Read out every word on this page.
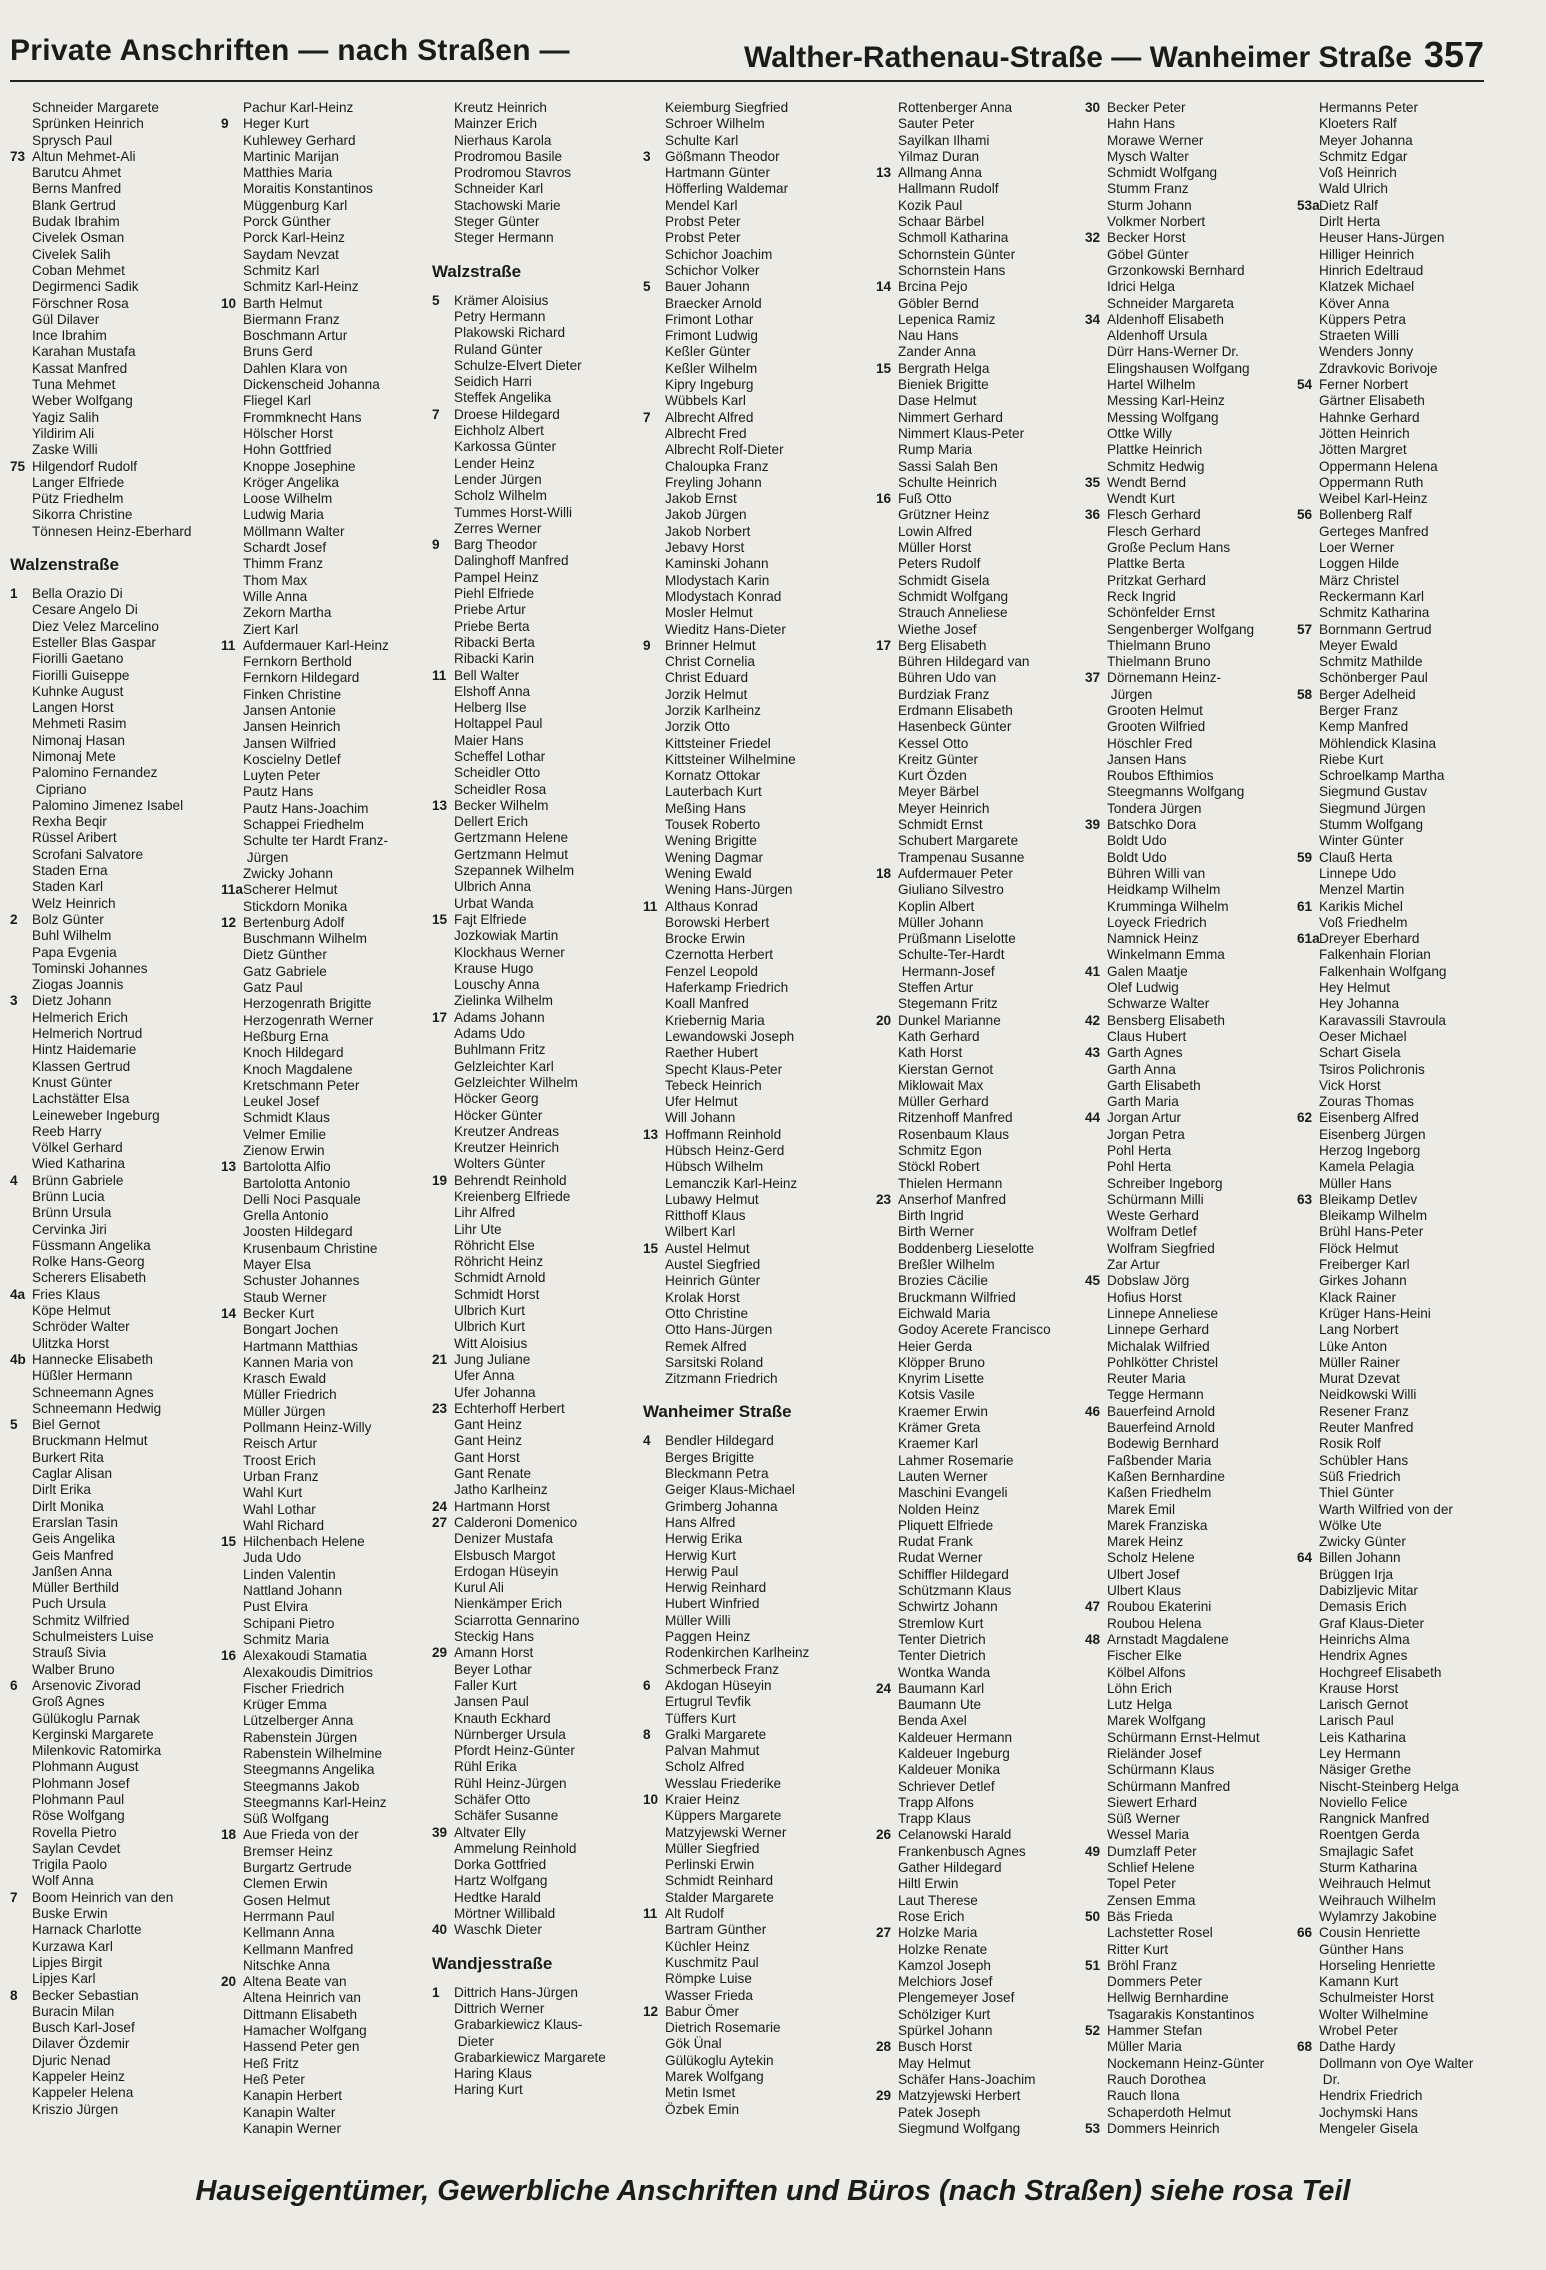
Private Anschriften — nach Straßen —	Walther-Rathenau-Straße — Wanheimer Straße 357
Schneider Margarete
Sprünken Heinrich
Sprysch Paul
73 Altun Mehmet-Ali
Barutcu Ahmet
Berns Manfred
Blank Gertrud
Budak Ibrahim
Civelek Osman
Civelek Salih
Coban Mehmet
Degirmenci Sadik
Förschner Rosa
Gül Dilaver
Ince Ibrahim
Karahan Mustafa
Kassat Manfred
Tuna Mehmet
Weber Wolfgang
Yagiz Salih
Yildirim Ali
Zaske Willi
75 Hilgendorf Rudolf
Langer Elfriede
Pütz Friedhelm
Sikorra Christine
Tönnesen Heinz-Eberhard
Walzenstraße
1 Bella Orazio Di
Cesare Angelo Di
Diez Velez Marcelino
Esteller Blas Gaspar
Fiorilli Gaetano
Fiorilli Guiseppe
Kuhnke August
Langen Horst
Mehmeti Rasim
Nimonaj Hasan
Nimonaj Mete
Palomino Fernandez
Cipriano
Palomino Jimenez Isabel
Rexha Beqir
Rüssel Aribert
Scrofani Salvatore
Staden Erna
Staden Karl
Welz Heinrich
2 Bolz Günter
Buhl Wilhelm
Papa Evgenia
Tominski Johannes
Ziogas Joannis
3 Dietz Johann
Helmerich Erich
Helmerich Nortrud
Hintz Haidemarie
Klassen Gertrud
Knust Günter
Lachstätter Elsa
Leineweber Ingeburg
Reeb Harry
Völkel Gerhard
Wied Katharina
4 Brünn Gabriele
Brünn Lucia
Brünn Ursula
Cervinka Jiri
Füssmann Angelika
Rolke Hans-Georg
Scherers Elisabeth
4a Fries Klaus
Köpe Helmut
Schröder Walter
Ulitzka Horst
4b Hannecke Elisabeth
Hüßler Hermann
Schneemann Agnes
Schneemann Hedwig
5 Biel Gernot
Bruckmann Helmut
Burkert Rita
Caglar Alisan
Dirlt Erika
Dirlt Monika
Erarslan Tasin
Geis Angelika
Geis Manfred
Janßen Anna
Müller Berthild
Puch Ursula
Schmitz Wilfried
Schulmeisters Luise
Strauß Sivia
Walber Bruno
6 Arsenovic Zivorad
Groß Agnes
Gülükoglu Parnak
Kerginski Margarete
Milenkovic Ratomirka
Plohmann August
Plohmann Josef
Plohmann Paul
Röse Wolfgang
Rovella Pietro
Saylan Cevdet
Trigila Paolo
Wolf Anna
7 Boom Heinrich van den
Buske Erwin
Harnack Charlotte
Kurzawa Karl
Lipjes Birgit
Lipjes Karl
8 Becker Sebastian
Buracin Milan
Busch Karl-Josef
Dilaver Özdemir
Djuric Nenad
Kappeler Heinz
Kappeler Helena
Kriszio Jürgen
Pachur Karl-Heinz
9 Heger Kurt
Kuhlewey Gerhard
Martinic Marijan
Matthies Maria
Moraitis Konstantinos
Müggenburg Karl
Porck Günther
Porck Karl-Heinz
Saydam Nevzat
Schmitz Karl
Schmitz Karl-Heinz
10 Barth Helmut
Biermann Franz
Boschmann Artur
Bruns Gerd
Dahlen Klara von
Dickenscheid Johanna
Fliegel Karl
Frommknecht Hans
Hölscher Horst
Hohn Gottfried
Knoppe Josephine
Kröger Angelika
Loose Wilhelm
Ludwig Maria
Möllmann Walter
Schardt Josef
Thimm Franz
Thom Max
Wille Anna
Zekorn Martha
Ziert Karl
11 Aufdermauer Karl-Heinz
Fernkorn Berthold
Fernkorn Hildegard
Finken Christine
Jansen Antonie
Jansen Heinrich
Jansen Wilfried
Koscielny Detlef
Luyten Peter
Pautz Hans
Pautz Hans-Joachim
Schappei Friedhelm
Schulte ter Hardt Franz-
Jürgen
Zwicky Johann
11aScherer Helmut
Stickdorn Monika
12 Bertenburg Adolf
Buschmann Wilhelm
Dietz Günther
Gatz Gabriele
Gatz Paul
Herzogenrath Brigitte
Herzogenrath Werner
Heßburg Erna
Knoch Hildegard
Knoch Magdalene
Kretschmann Peter
Leukel Josef
Schmidt Klaus
Velmer Emilie
Zienow Erwin
13 Bartolotta Alfio
Bartolotta Antonio
Delli Noci Pasquale
Grella Antonio
Joosten Hildegard
Krusenbaum Christine
Mayer Elsa
Schuster Johannes
Staub Werner
14 Becker Kurt
Bongart Jochen
Hartmann Matthias
Kannen Maria von
Krasch Ewald
Müller Friedrich
Müller Jürgen
Pollmann Heinz-Willy
Reisch Artur
Troost Erich
Urban Franz
Wahl Kurt
Wahl Lothar
Wahl Richard
15 Hilchenbach Helene
Juda Udo
Linden Valentin
Nattland Johann
Pust Elvira
Schipani Pietro
Schmitz Maria
16 Alexakoudi Stamatia
Alexakoudis Dimitrios
Fischer Friedrich
Krüger Emma
Lützelberger Anna
Rabenstein Jürgen
Rabenstein Wilhelmine
Steegmanns Angelika
Steegmanns Jakob
Steegmanns Karl-Heinz
Süß Wolfgang
18 Aue Frieda von der
Bremser Heinz
Burgartz Gertrude
Clemen Erwin
Gosen Helmut
Herrmann Paul
Kellmann Anna
Kellmann Manfred
Nitschke Anna
20 Altena Beate van
Altena Heinrich van
Dittmann Elisabeth
Hamacher Wolfgang
Hassend Peter gen
Heß Fritz
Heß Peter
Kanapin Herbert
Kanapin Walter
Kanapin Werner
Kreutz Heinrich
Mainzer Erich
Nierhaus Karola
Prodromou Basile
Prodromou Stavros
Schneider Karl
Stachowski Marie
Steger Günter
Steger Hermann
Walzstraße
5 Krämer Aloisius
Petry Hermann
Plakowski Richard
Ruland Günter
Schulze-Elvert Dieter
Seidich Harri
Steffek Angelika
7 Droese Hildegard
Eichholz Albert
Karkossa Günter
Lender Heinz
Lender Jürgen
Scholz Wilhelm
Tummes Horst-Willi
Zerres Werner
9 Barg Theodor
Dalinghoff Manfred
Pampel Heinz
Piehl Elfriede
Priebe Artur
Priebe Berta
Ribacki Berta
Ribacki Karin
11 Bell Walter
Elshoff Anna
Helberg Ilse
Holtappel Paul
Maier Hans
Scheffel Lothar
Scheidler Otto
Scheidler Rosa
13 Becker Wilhelm
Dellert Erich
Gertzmann Helene
Gertzmann Helmut
Szepannek Wilhelm
Ulbrich Anna
Urbat Wanda
15 Fajt Elfriede
Jozkowiak Martin
Klockhaus Werner
Krause Hugo
Louschy Anna
Zielinka Wilhelm
17 Adams Johann
Adams Udo
Buhlmann Fritz
Gelzleichter Karl
Gelzleichter Wilhelm
Höcker Georg
Höcker Günter
Kreutzer Andreas
Kreutzer Heinrich
Wolters Günter
19 Behrendt Reinhold
Kreienberg Elfriede
Lihr Alfred
Lihr Ute
Röhricht Else
Röhricht Heinz
Schmidt Arnold
Schmidt Horst
Ulbrich Kurt
Ulbrich Kurt
Witt Aloisius
21 Jung Juliane
Ufer Anna
Ufer Johanna
23 Echterhoff Herbert
Gant Heinz
Gant Heinz
Gant Horst
Gant Renate
Jatho Karlheinz
24 Hartmann Horst
27 Calderoni Domenico
Denizer Mustafa
Elsbusch Margot
Erdogan Hüseyin
Kurul Ali
Nienkämper Erich
Sciarrotta Gennarino
Steckig Hans
29 Amann Horst
Beyer Lothar
Faller Kurt
Jansen Paul
Knauth Eckhard
Nürnberger Ursula
Pfordt Heinz-Günter
Rühl Erika
Rühl Heinz-Jürgen
Schäfer Otto
Schäfer Susanne
39 Altvater Elly
Ammelung Reinhold
Dorka Gottfried
Hartz Wolfgang
Hedtke Harald
Mörtner Willibald
40 Waschk Dieter
Wandjesstraße
1 Dittrich Hans-Jürgen
Dittrich Werner
Grabarkiewicz Klaus-
Dieter
Grabarkiewicz Margarete
Haring Klaus
Haring Kurt
Keiemburg Siegfried
Schroer Wilhelm
Schulte Karl
3 Gößmann Theodor
Hartmann Günter
Höfferling Waldemar
Mendel Karl
Probst Peter
Probst Peter
Schichor Joachim
Schichor Volker
5 Bauer Johann
Braecker Arnold
Frimont Lothar
Frimont Ludwig
Keßler Günter
Keßler Wilhelm
Kipry Ingeburg
Wübbels Karl
7 Albrecht Alfred
Albrecht Fred
Albrecht Rolf-Dieter
Chaloupka Franz
Freyling Johann
Jakob Ernst
Jakob Jürgen
Jakob Norbert
Jebavy Horst
Kaminski Johann
Mlodystach Karin
Mlodystach Konrad
Mosler Helmut
Wieditz Hans-Dieter
9 Brinner Helmut
Christ Cornelia
Christ Eduard
Jorzik Helmut
Jorzik Karlheinz
Jorzik Otto
Kittsteiner Friedel
Kittsteiner Wilhelmine
Kornatz Ottokar
Lauterbach Kurt
Meßing Hans
Tousek Roberto
Wening Brigitte
Wening Dagmar
Wening Ewald
Wening Hans-Jürgen
11 Althaus Konrad
Borowski Herbert
Brocke Erwin
Czernotta Herbert
Fenzel Leopold
Haferkamp Friedrich
Koall Manfred
Kriebernig Maria
Lewandowski Joseph
Raether Hubert
Specht Klaus-Peter
Tebeck Heinrich
Ufer Helmut
Will Johann
13 Hoffmann Reinhold
Hübsch Heinz-Gerd
Hübsch Wilhelm
Lemanczik Karl-Heinz
Lubawy Helmut
Ritthoff Klaus
Wilbert Karl
15 Austel Helmut
Austel Siegfried
Heinrich Günter
Krolak Horst
Otto Christine
Otto Hans-Jürgen
Remek Alfred
Sarsitski Roland
Zitzmann Friedrich
Wanheimer Straße
4 Bendler Hildegard
Berges Brigitte
Bleckmann Petra
Geiger Klaus-Michael
Grimberg Johanna
Hans Alfred
Herwig Erika
Herwig Kurt
Herwig Paul
Herwig Reinhard
Hubert Winfried
Müller Willi
Paggen Heinz
Rodenkirchen Karlheinz
Schmerbeck Franz
6 Akdogan Hüseyin
Ertugrul Tevfik
Tüffers Kurt
8 Gralki Margarete
Palvan Mahmut
Scholz Alfred
Wesslau Friederike
10 Kraier Heinz
Küppers Margarete
Matzyjewski Werner
Müller Siegfried
Perlinski Erwin
Schmidt Reinhard
Stalder Margarete
11 Alt Rudolf
Bartram Günther
Küchler Heinz
Kuschmitz Paul
Römpke Luise
Wasser Frieda
12 Babur Ömer
Dietrich Rosemarie
Gök Ünal
Gülükoglu Aytekin
Marek Wolfgang
Metin Ismet
Özbek Emin
Rottenberger Anna
Sauter Peter
Sayilkan Ilhami
Yilmaz Duran
13 Allmang Anna
Hallmann Rudolf
Kozik Paul
Schaar Bärbel
Schmoll Katharina
Schornstein Günter
Schornstein Hans
14 Brcina Pejo
Göbler Bernd
Lepenica Ramiz
Nau Hans
Zander Anna
15 Bergrath Helga
Bieniek Brigitte
Dase Helmut
Nimmert Gerhard
Nimmert Klaus-Peter
Rump Maria
Sassi Salah Ben
Schulte Heinrich
16 Fuß Otto
Grützner Heinz
Lowin Alfred
Müller Horst
Peters Rudolf
Schmidt Gisela
Schmidt Wolfgang
Strauch Anneliese
Wiethe Josef
17 Berg Elisabeth
Bühren Hildegard van
Bühren Udo van
Burdziak Franz
Erdmann Elisabeth
Hasenbeck Günter
Kessel Otto
Kreitz Günter
Kurt Özden
Meyer Bärbel
Meyer Heinrich
Schmidt Ernst
Schubert Margarete
Trampenau Susanne
18 Aufdermauer Peter
Giuliano Silvestro
Koplin Albert
Müller Johann
Prüßmann Liselotte
Schulte-Ter-Hardt
Hermann-Josef
Steffen Artur
Stegemann Fritz
20 Dunkel Marianne
Kath Gerhard
Kath Horst
Kierstan Gernot
Miklowait Max
Müller Gerhard
Ritzenhoff Manfred
Rosenbaum Klaus
Schmitz Egon
Stöckl Robert
Thielen Hermann
23 Anserhof Manfred
Birth Ingrid
Birth Werner
Boddenberg Lieselotte
Breßler Wilhelm
Brozies Cäcilie
Bruckmann Wilfried
Eichwald Maria
Godoy Acerete Francisco
Heier Gerda
Klöpper Bruno
Knyrim Lisette
Kotsis Vasile
Kraemer Erwin
Krämer Greta
Kraemer Karl
Lahmer Rosemarie
Lauten Werner
Maschini Evangeli
Nolden Heinz
Pliquett Elfriede
Rudat Frank
Rudat Werner
Schiffler Hildegard
Schützmann Klaus
Schwirtz Johann
Stremlow Kurt
Tenter Dietrich
Tenter Dietrich
Wontka Wanda
24 Baumann Karl
Baumann Ute
Benda Axel
Kaldeuer Hermann
Kaldeuer Ingeburg
Kaldeuer Monika
Schriever Detlef
Trapp Alfons
Trapp Klaus
26 Celanowski Harald
Frankenbusch Agnes
Gather Hildegard
Hiltl Erwin
Laut Therese
Rose Erich
27 Holzke Maria
Holzke Renate
Kamzol Joseph
Melchiors Josef
Plengemeyer Josef
Schölziger Kurt
Spürkel Johann
28 Busch Horst
May Helmut
Schäfer Hans-Joachim
29 Matzyjewski Herbert
Patek Joseph
Siegmund Wolfgang
30 Becker Peter
Hahn Hans
Morawe Werner
Mysch Walter
Schmidt Wolfgang
Stumm Franz
Sturm Johann
Volkmer Norbert
32 Becker Horst
Göbel Günter
Grzonkowski Bernhard
Idrici Helga
Schneider Margareta
34 Aldenhoff Elisabeth
Aldenhoff Ursula
Dürr Hans-Werner Dr.
Elingshausen Wolfgang
Hartel Wilhelm
Messing Karl-Heinz
Messing Wolfgang
Ottke Willy
Plattke Heinrich
Schmitz Hedwig
35 Wendt Bernd
Wendt Kurt
36 Flesch Gerhard
Flesch Gerhard
Große Peclum Hans
Plattke Berta
Pritzkat Gerhard
Reck Ingrid
Schönfelder Ernst
Sengenberger Wolfgang
Thielmann Bruno
Thielmann Bruno
37 Dörnemann Heinz-
Jürgen
Grooten Helmut
Grooten Wilfried
Höschler Fred
Jansen Hans
Roubos Efthimios
Steegmanns Wolfgang
Tondera Jürgen
39 Batschko Dora
Boldt Udo
Boldt Udo
Bühren Willi van
Heidkamp Wilhelm
Krumminga Wilhelm
Loyeck Friedrich
Namnick Heinz
Winkelmann Emma
41 Galen Maatje
Olef Ludwig
Schwarze Walter
42 Bensberg Elisabeth
Claus Hubert
43 Garth Agnes
Garth Anna
Garth Elisabeth
Garth Maria
44 Jorgan Artur
Jorgan Petra
Pohl Herta
Pohl Herta
Schreiber Ingeborg
Schürmann Milli
Weste Gerhard
Wolfram Detlef
Wolfram Siegfried
Zar Artur
45 Dobslaw Jörg
Hofius Horst
Linnepe Anneliese
Linnepe Gerhard
Michalak Wilfried
Pohlkötter Christel
Reuter Maria
Tegge Hermann
46 Bauerfeind Arnold
Bauerfeind Arnold
Bodewig Bernhard
Faßbender Maria
Kaßen Bernhardine
Kaßen Friedhelm
Marek Emil
Marek Franziska
Marek Heinz
Scholz Helene
Ulbert Josef
Ulbert Klaus
47 Roubou Ekaterini
Roubou Helena
48 Arnstadt Magdalene
Fischer Elke
Kölbel Alfons
Löhn Erich
Lutz Helga
Marek Wolfgang
Schürmann Ernst-Helmut
Rieländer Josef
Schürmann Klaus
Schürmann Manfred
Siewert Erhard
Süß Werner
Wessel Maria
49 Dumzlaff Peter
Schlief Helene
Topel Peter
Zensen Emma
50 Bäs Frieda
Lachstetter Rosel
Ritter Kurt
51 Bröhl Franz
Dommers Peter
Hellwig Bernhardine
Tsagarakis Konstantinos
52 Hammer Stefan
Müller Maria
Nockemann Heinz-Günter
Rauch Dorothea
Rauch Ilona
Schaperdoth Helmut
53 Dommers Heinrich
Hermanns Peter
Kloeters Ralf
Meyer Johanna
Schmitz Edgar
Voß Heinrich
Wald Ulrich
53aDietz Ralf
Dirlt Herta
Heuser Hans-Jürgen
Hilliger Heinrich
Hinrich Edeltraud
Klatzek Michael
Köver Anna
Küppers Petra
Straeten Willi
Wenders Jonny
Zdravkovic Borivoje
54 Ferner Norbert
Gärtner Elisabeth
Hahnke Gerhard
Jötten Heinrich
Jötten Margret
Oppermann Helena
Oppermann Ruth
Weibel Karl-Heinz
56 Bollenberg Ralf
Gerteges Manfred
Loer Werner
Loggen Hilde
März Christel
Reckermann Karl
Schmitz Katharina
57 Bornmann Gertrud
Meyer Ewald
Schmitz Mathilde
Schönberger Paul
58 Berger Adelheid
Berger Franz
Kemp Manfred
Möhlendick Klasina
Riebe Kurt
Schroelkamp Martha
Siegmund Gustav
Siegmund Jürgen
Stumm Wolfgang
Winter Günter
59 Clauß Herta
Linnepe Udo
Menzel Martin
61 Karikis Michel
Voß Friedhelm
61aDreyer Eberhard
Falkenhain Florian
Falkenhain Wolfgang
Hey Helmut
Hey Johanna
Karavassili Stavroula
Oeser Michael
Schart Gisela
Tsiros Polichronis
Vick Horst
Zouras Thomas
62 Eisenberg Alfred
Eisenberg Jürgen
Herzog Ingeborg
Kamela Pelagia
Müller Hans
63 Bleikamp Detlev
Bleikamp Wilhelm
Brühl Hans-Peter
Flöck Helmut
Freiberger Karl
Girkes Johann
Klack Rainer
Krüger Hans-Heini
Lang Norbert
Lüke Anton
Müller Rainer
Murat Dzevat
Neidkowski Willi
Resener Franz
Reuter Manfred
Rosik Rolf
Schübler Hans
Süß Friedrich
Thiel Günter
Warth Wilfried von der
Wölke Ute
Zwicky Günter
64 Billen Johann
Brüggen Irja
Dabizljevic Mitar
Demasis Erich
Graf Klaus-Dieter
Heinrichs Alma
Hendrix Agnes
Hochgreef Elisabeth
Krause Horst
Larisch Gernot
Larisch Paul
Leis Katharina
Ley Hermann
Näsiger Grethe
Nischt-Steinberg Helga
Noviello Felice
Rangnick Manfred
Roentgen Gerda
Smajlagic Safet
Sturm Katharina
Weihrauch Helmut
Weihrauch Wilhelm
Wylamrzy Jakobine
66 Cousin Henriette
Günther Hans
Horseling Henriette
Kamann Kurt
Schulmeister Horst
Wolter Wilhelmine
Wrobel Peter
68 Dathe Hardy
Dollmann von Oye Walter
Dr.
Hendrix Friedrich
Jochymski Hans
Mengeler Gisela
Hauseigentümer, Gewerbliche Anschriften und Büros (nach Straßen) siehe rosa Teil
